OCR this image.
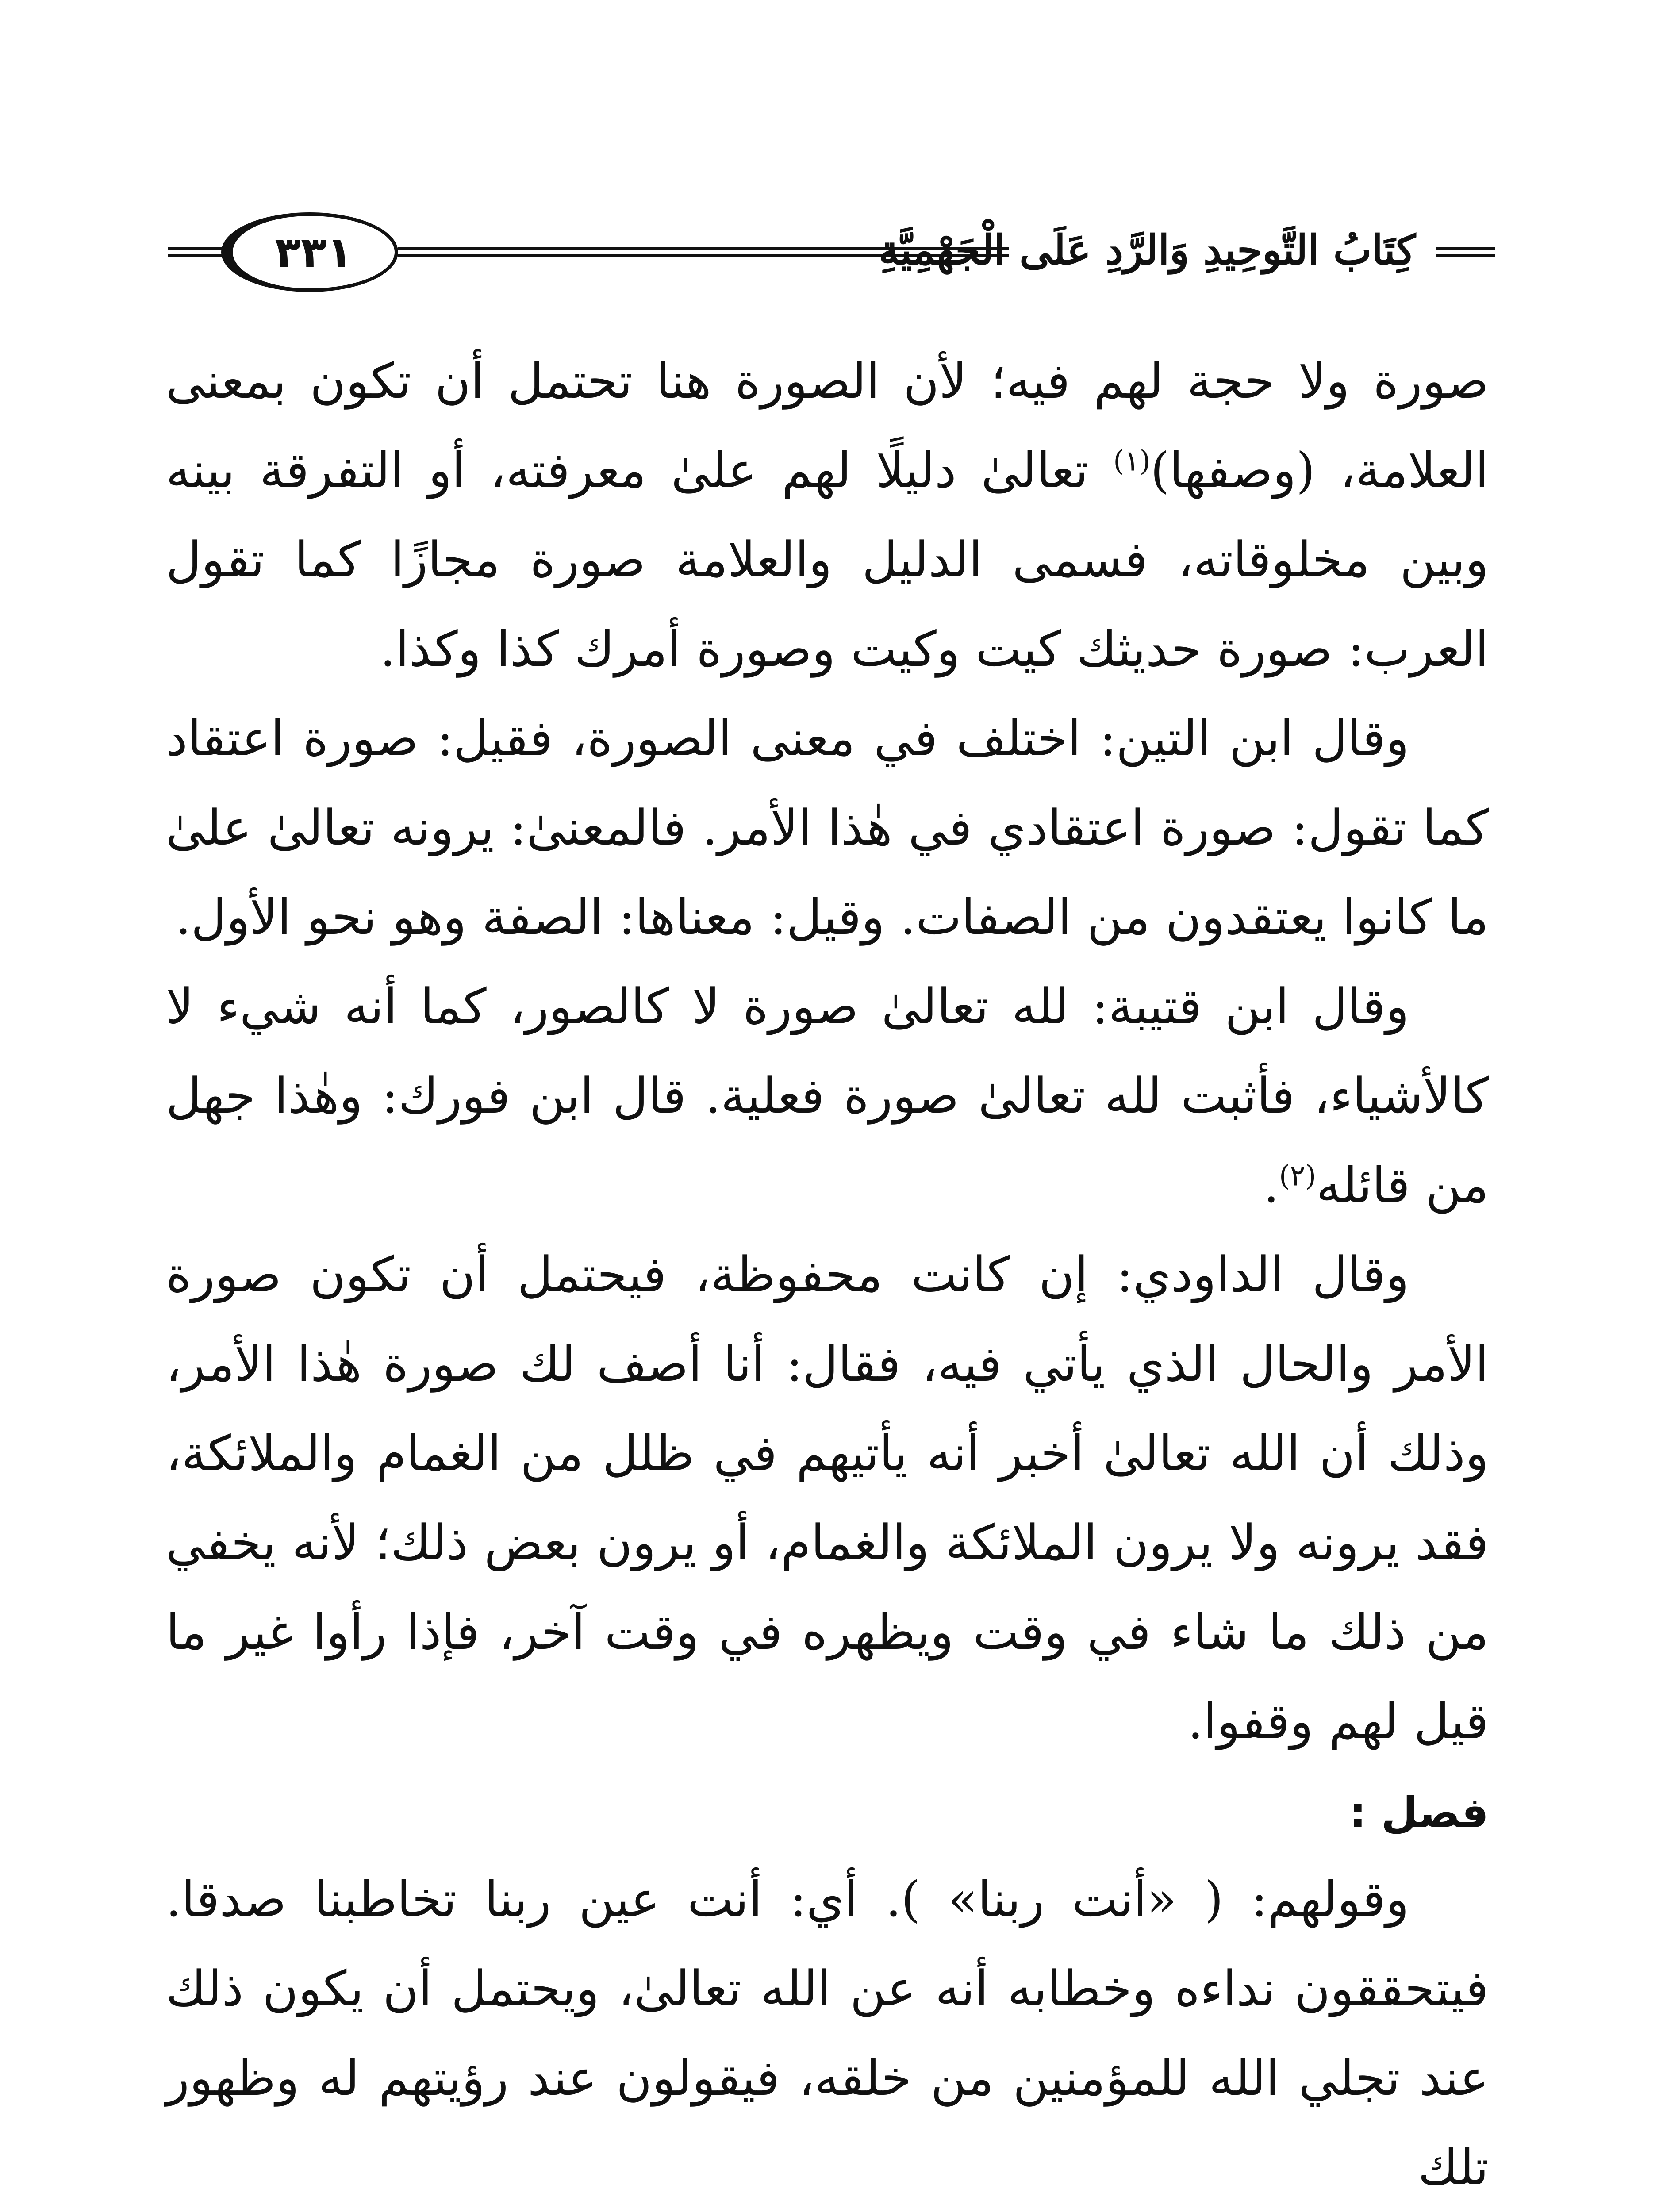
كِتَابُ التَّوحِيدِ وَالرَّدِ عَلَى الْجَهْمِيَّةِ
٣٣١

صورة ولا حجة لهم فيه؛ لأن الصورة هنا تحتمل أن تكون بمعنى العلامة، (وصفها)$^{(١)}$ تعالىٰ دليلًا لهم علىٰ معرفته، أو التفرقة بينه وبين مخلوقاته، فسمى الدليل والعلامة صورة مجازًا كما تقول العرب: صورة حديثك كيت وكيت وصورة أمرك كذا وكذا.

وقال ابن التين: اختلف في معنى الصورة، فقيل: صورة اعتقاد كما تقول: صورة اعتقادي في هٰذا الأمر. فالمعنىٰ: يرونه تعالىٰ علىٰ ما كانوا يعتقدون من الصفات. وقيل: معناها: الصفة وهو نحو الأول.

وقال ابن قتيبة: لله تعالىٰ صورة لا كالصور، كما أنه شيء لا كالأشياء، فأثبت لله تعالىٰ صورة فعلية. قال ابن فورك: وهٰذا جهل من قائله$^{(٢)}$.

وقال الداودي: إن كانت محفوظة، فيحتمل أن تكون صورة الأمر والحال الذي يأتي فيه، فقال: أنا أصف لك صورة هٰذا الأمر، وذلك أن الله تعالىٰ أخبر أنه يأتيهم في ظلل من الغمام والملائكة، فقد يرونه ولا يرون الملائكة والغمام، أو يرون بعض ذلك؛ لأنه يخفي من ذلك ما شاء في وقت ويظهره في وقت آخر، فإذا رأوا غير ما قيل لهم وقفوا.

فصل :

وقولهم: ( «أنت ربنا» ). أي: أنت عين ربنا تخاطبنا صدقا. فيتحققون نداءه وخطابه أنه عن الله تعالىٰ، ويحتمل أن يكون ذلك عند تجلي الله للمؤمنين من خلقه، فيقولون عند رؤيتهم له وظهور تلك
